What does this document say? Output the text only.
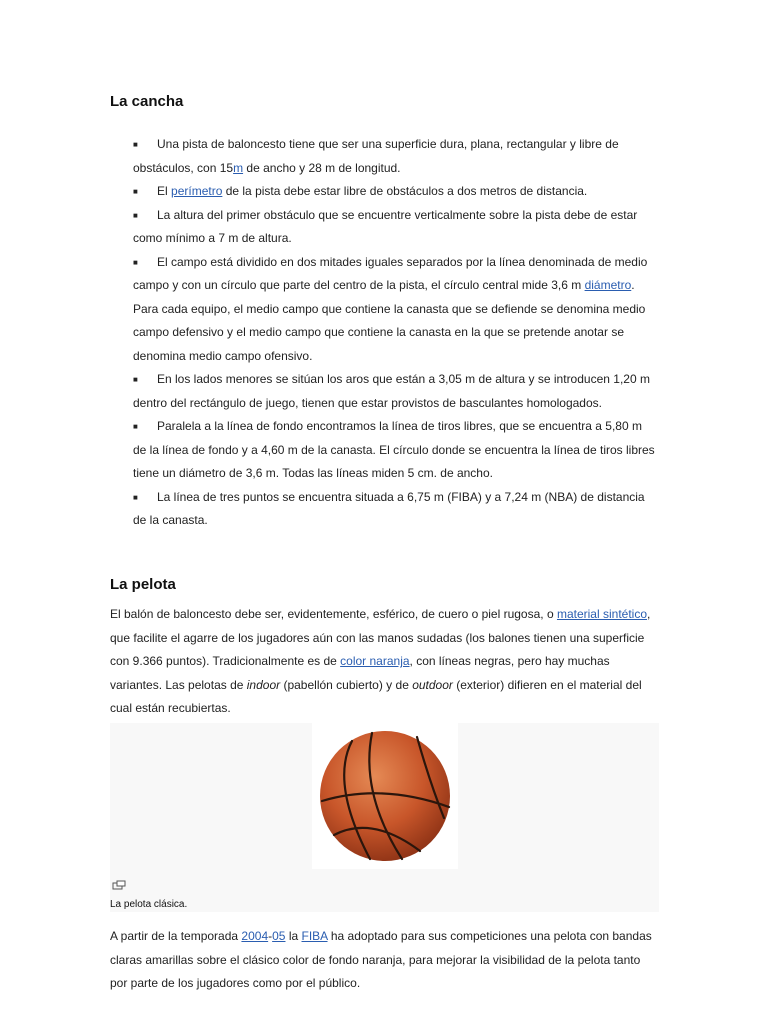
La cancha
■ Una pista de baloncesto tiene que ser una superficie dura, plana, rectangular y libre de obstáculos, con 15m de ancho y 28 m de longitud.
■ El perímetro de la pista debe estar libre de obstáculos a dos metros de distancia.
■ La altura del primer obstáculo que se encuentre verticalmente sobre la pista debe de estar como mínimo a 7 m de altura.
■ El campo está dividido en dos mitades iguales separados por la línea denominada de medio campo y con un círculo que parte del centro de la pista, el círculo central mide 3,6 m diámetro. Para cada equipo, el medio campo que contiene la canasta que se defiende se denomina medio campo defensivo y el medio campo que contiene la canasta en la que se pretende anotar se denomina medio campo ofensivo.
■ En los lados menores se sitúan los aros que están a 3,05 m de altura y se introducen 1,20 m dentro del rectángulo de juego, tienen que estar provistos de basculantes homologados.
■ Paralela a la línea de fondo encontramos la línea de tiros libres, que se encuentra a 5,80 m de la línea de fondo y a 4,60 m de la canasta. El círculo donde se encuentra la línea de tiros libres tiene un diámetro de 3,6 m. Todas las líneas miden 5 cm. de ancho.
■ La línea de tres puntos se encuentra situada a 6,75 m (FIBA) y a 7,24 m (NBA) de distancia de la canasta.
La pelota

El balón de baloncesto debe ser, evidentemente, esférico, de cuero o piel rugosa, o material sintético, que facilite el agarre de los jugadores aún con las manos sudadas (los balones tienen una superficie con 9.366 puntos). Tradicionalmente es de color naranja, con líneas negras, pero hay muchas variantes. Las pelotas de indoor (pabellón cubierto) y de outdoor (exterior) difieren en el material del cual están recubiertas.

La pelota clásica.

A partir de la temporada 2004-05 la FIBA ha adoptado para sus competiciones una pelota con bandas claras amarillas sobre el clásico color de fondo naranja, para mejorar la visibilidad de la pelota tanto por parte de los jugadores como por el público.
